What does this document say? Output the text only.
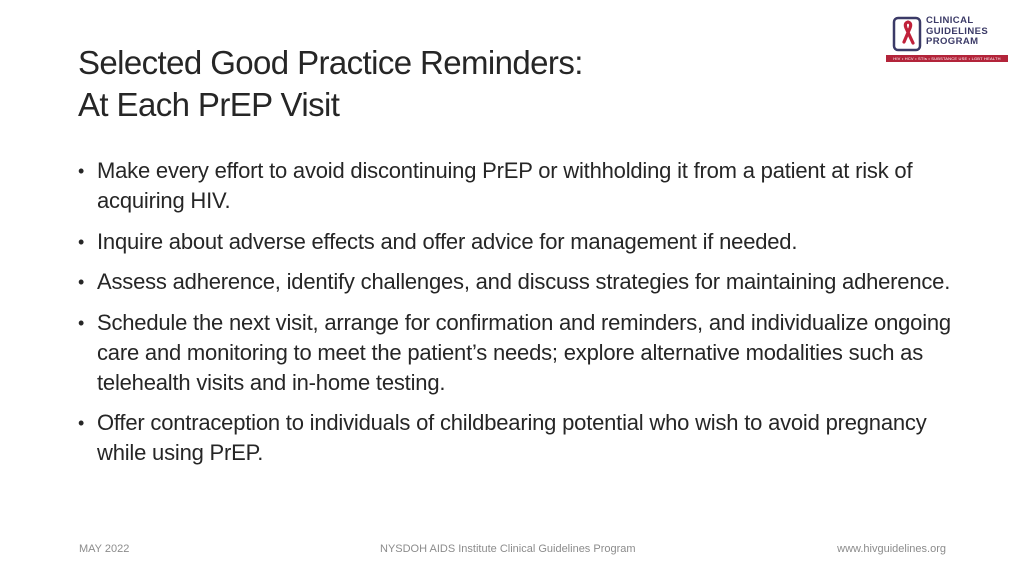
Selected Good Practice Reminders:
At Each PrEP Visit
CLINICAL
GUIDELINES
PROGRAM
HIV • HCV • STIs • SUBSTANCE USE • LGBT HEALTH
• Make every effort to avoid discontinuing PrEP or withholding it from a patient at risk of acquiring HIV.
• Inquire about adverse effects and offer advice for management if needed.
• Assess adherence, identify challenges, and discuss strategies for maintaining adherence.
• Schedule the next visit, arrange for confirmation and reminders, and individualize ongoing care and monitoring to meet the patient’s needs; explore alternative modalities such as telehealth visits and in-home testing.
• Offer contraception to individuals of childbearing potential who wish to avoid pregnancy while using PrEP.
MAY 2022	NYSDOH AIDS Institute Clinical Guidelines Program	www.hivguidelines.org
